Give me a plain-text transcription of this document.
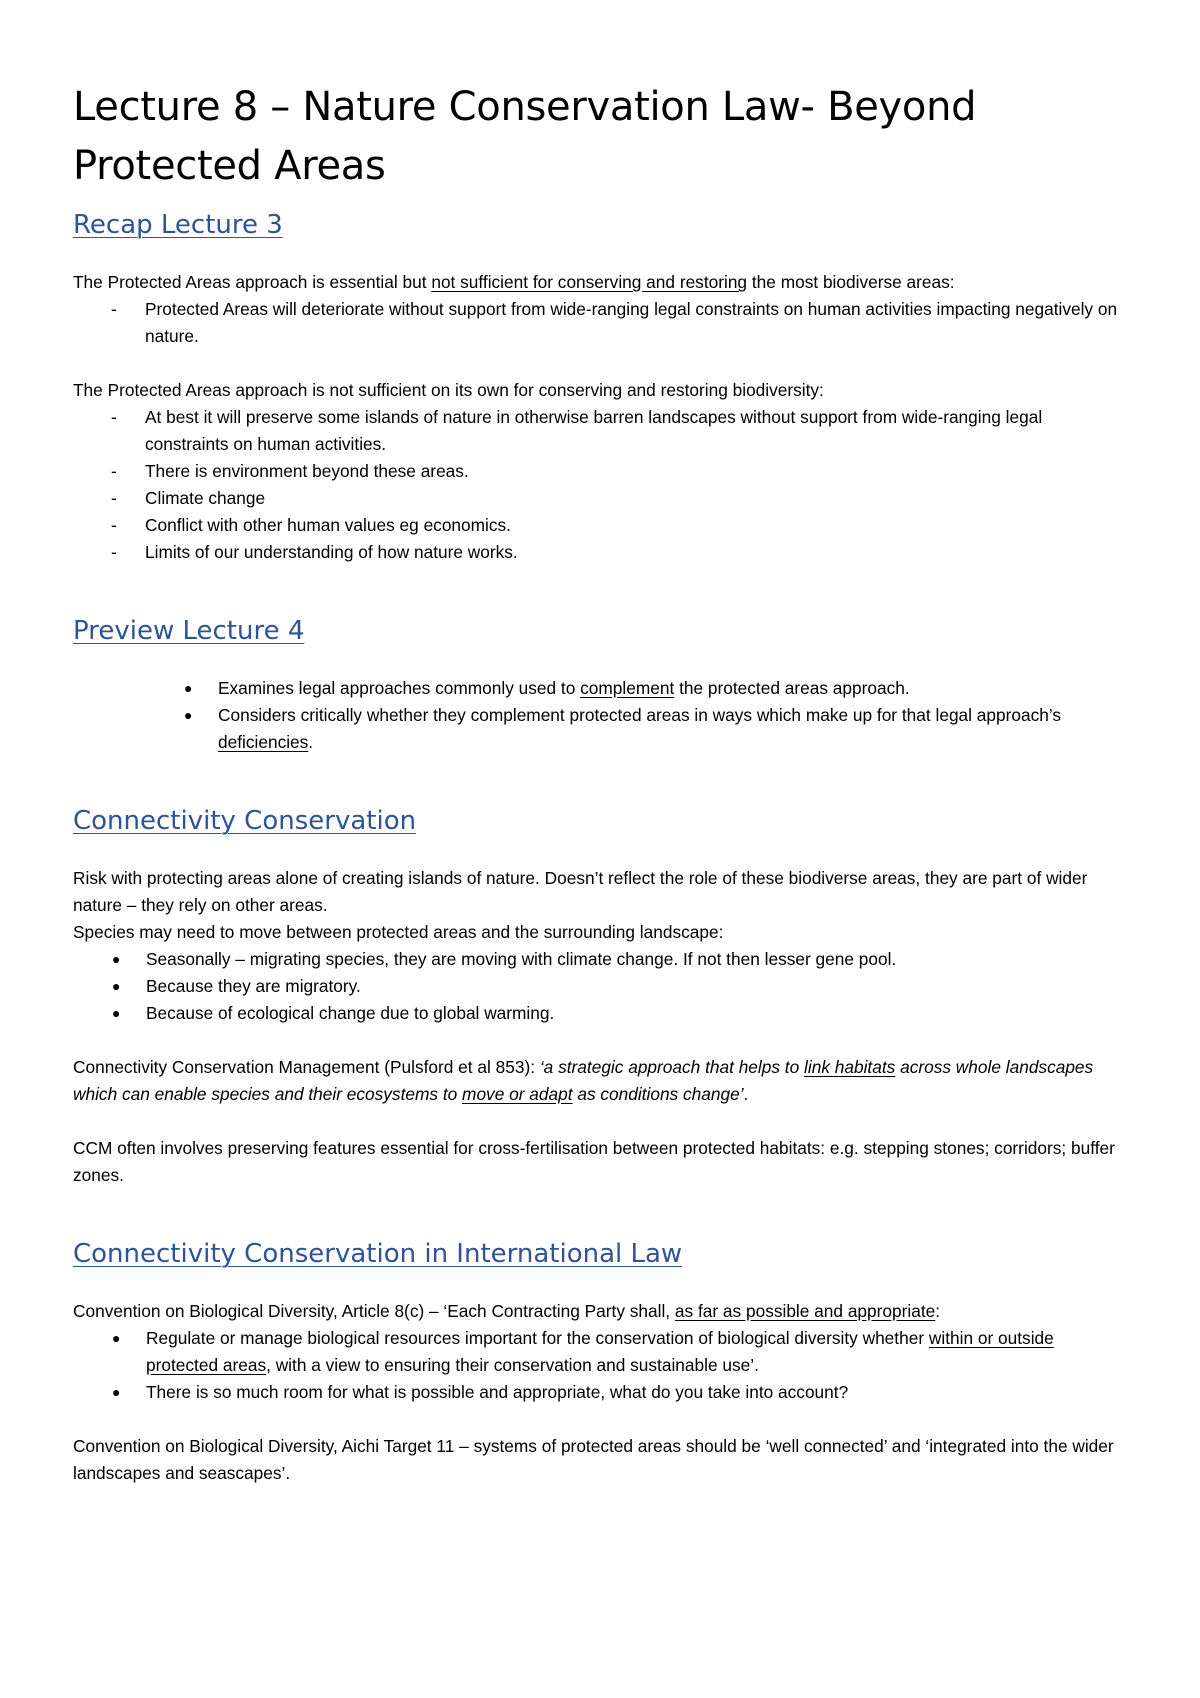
Lecture 8 – Nature Conservation Law- Beyond Protected Areas
Recap Lecture 3

The Protected Areas approach is essential but not sufficient for conserving and restoring the most biodiverse areas:

- Protected Areas will deteriorate without support from wide-ranging legal constraints on human activities impacting negatively on nature.

The Protected Areas approach is not sufficient on its own for conserving and restoring biodiversity:

- At best it will preserve some islands of nature in otherwise barren landscapes without support from wide-ranging legal constraints on human activities.
- There is environment beyond these areas.
- Climate change
- Conflict with other human values eg economics.
- Limits of our understanding of how nature works.
Preview Lecture 4
● Examines legal approaches commonly used to complement the protected areas approach.
● Considers critically whether they complement protected areas in ways which make up for that legal approach’s deficiencies.
Connectivity Conservation

Risk with protecting areas alone of creating islands of nature. Doesn’t reflect the role of these biodiverse areas, they are part of wider nature – they rely on other areas.

Species may need to move between protected areas and the surrounding landscape:

● Seasonally – migrating species, they are moving with climate change. If not then lesser gene pool.
● Because they are migratory.
● Because of ecological change due to global warming.

Connectivity Conservation Management (Pulsford et al 853): ‘a strategic approach that helps to link habitats across whole landscapes which can enable species and their ecosystems to move or adapt as conditions change’.

CCM often involves preserving features essential for cross-fertilisation between protected habitats: e.g. stepping stones; corridors; buffer zones.

Connectivity Conservation in International Law

Convention on Biological Diversity, Article 8(c) – ‘Each Contracting Party shall, as far as possible and appropriate:

● Regulate or manage biological resources important for the conservation of biological diversity whether within or outside protected areas, with a view to ensuring their conservation and sustainable use’.
● There is so much room for what is possible and appropriate, what do you take into account?

Convention on Biological Diversity, Aichi Target 11 – systems of protected areas should be ‘well connected’ and ‘integrated into the wider landscapes and seascapes’.
